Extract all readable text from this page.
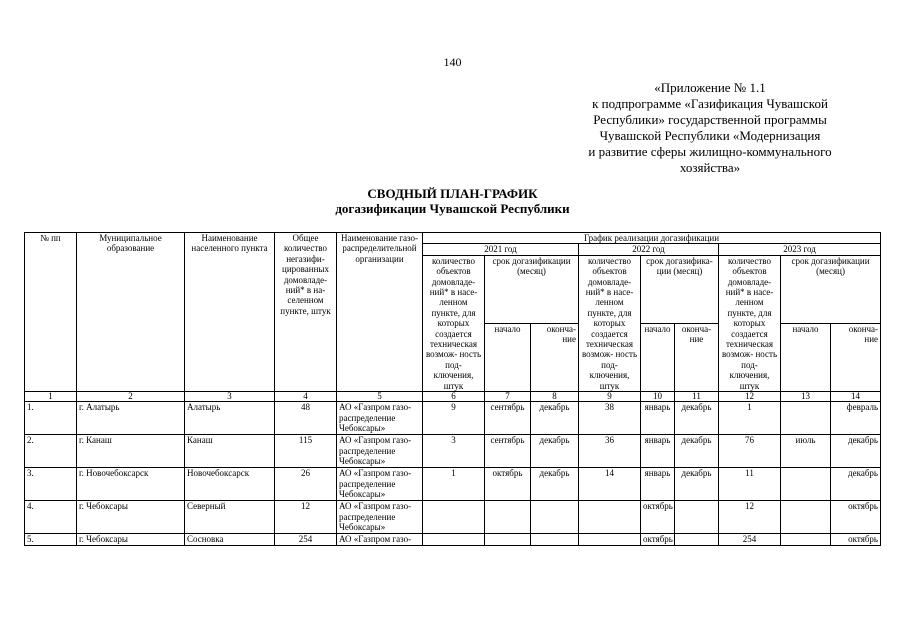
140
«Приложение № 1.1
к подпрограмме «Газификация Чувашской
Республики» государственной программы
Чувашской Республики «Модернизация
и развитие сферы жилищно-коммунального
хозяйства»
СВОДНЫЙ ПЛАН-ГРАФИК
догазификации Чувашской Республики
№ пп	Муниципальное образование	Наименование населенного пункта	Общее количество негазифи- цированных домовладе- ний* в на- селенном пункте, штук	Наименование газо- распределительной организации	График реализации догазификации								
					2021 год			2022 год			2023 год		
					количество объектов домовладе- ний* в насе- ленном пункте, для которых создается техническая возмож- ность под- ключения, штук	срок догазификации (месяц)		количество объектов домовладе- ний* в насе- ленном пункте, для которых создается техническая возмож- ность под- ключения, штук	срок догазифика- ции (месяц)		количество объектов домовладе- ний* в насе- ленном пункте, для которых создается техническая возмож- ность под- ключения, штук	срок догазификации (месяц)	
						начало	оконча- ние		начало	оконча- ние		начало	оконча- ние
1	2	3	4	5	6	7	8	9	10	11	12	13	14
1.	г. Алатырь	Алатырь	48	АО «Газпром газо- распределение Чебоксары»	9	сентябрь	декабрь	38	январь	декабрь	1		февраль
2.	г. Канаш	Канаш	115	АО «Газпром газо- распределение Чебоксары»	3	сентябрь	декабрь	36	январь	декабрь	76	июль	декабрь
3.	г. Новочебоксарск	Новочебоксарск	26	АО «Газпром газо- распределение Чебоксары»	1	октябрь	декабрь	14	январь	декабрь	11		декабрь
4.	г. Чебоксары	Северный	12	АО «Газпром газо- распределение Чебоксары»					октябрь		12		октябрь
5.	г. Чебоксары	Сосновка	254	АО «Газпром газо-					октябрь		254		октябрь
